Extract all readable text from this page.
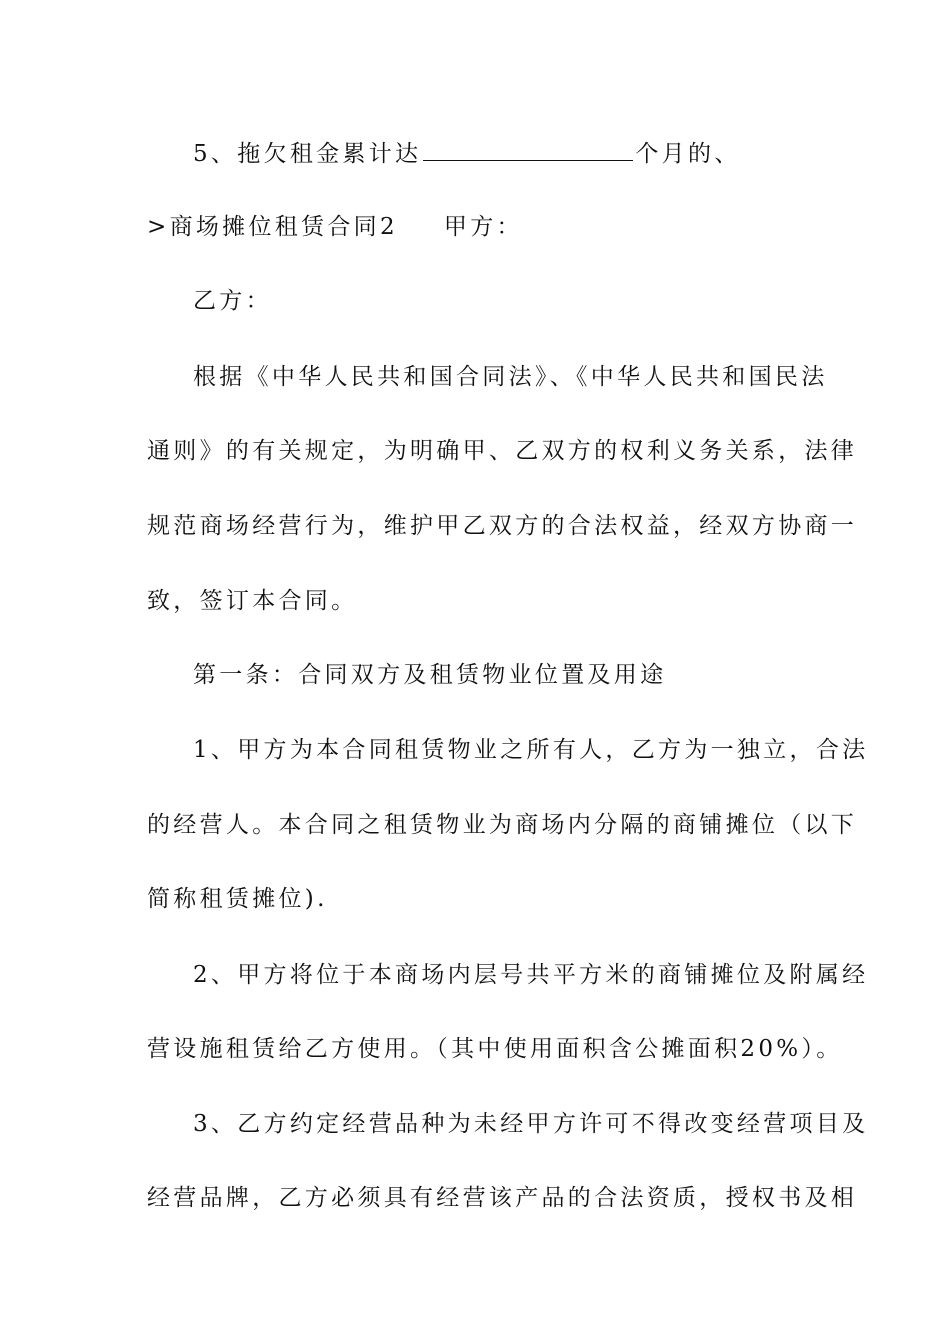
5、拖欠租金累计达	个月的、
>商场摊位租赁合同2 甲方：
乙方：
根据《中华人民共和国合同法》、《中华人民共和国民法
通则》的有关规定，为明确甲、乙双方的权利义务关系，法律
规范商场经营行为，维护甲乙双方的合法权益，经双方协商一
致，签订本合同。
第一条：合同双方及租赁物业位置及用途
1、甲方为本合同租赁物业之所有人，乙方为一独立，合法
的经营人。本合同之租赁物业为商场内分隔的商铺摊位（以下
简称租赁摊位).
2、甲方将位于本商场内层号共平方米的商铺摊位及附属经
营设施租赁给乙方使用。（其中使用面积含公摊面积20%）。
3、乙方约定经营品种为未经甲方许可不得改变经营项目及
经营品牌，乙方必须具有经营该产品的合法资质，授权书及相
